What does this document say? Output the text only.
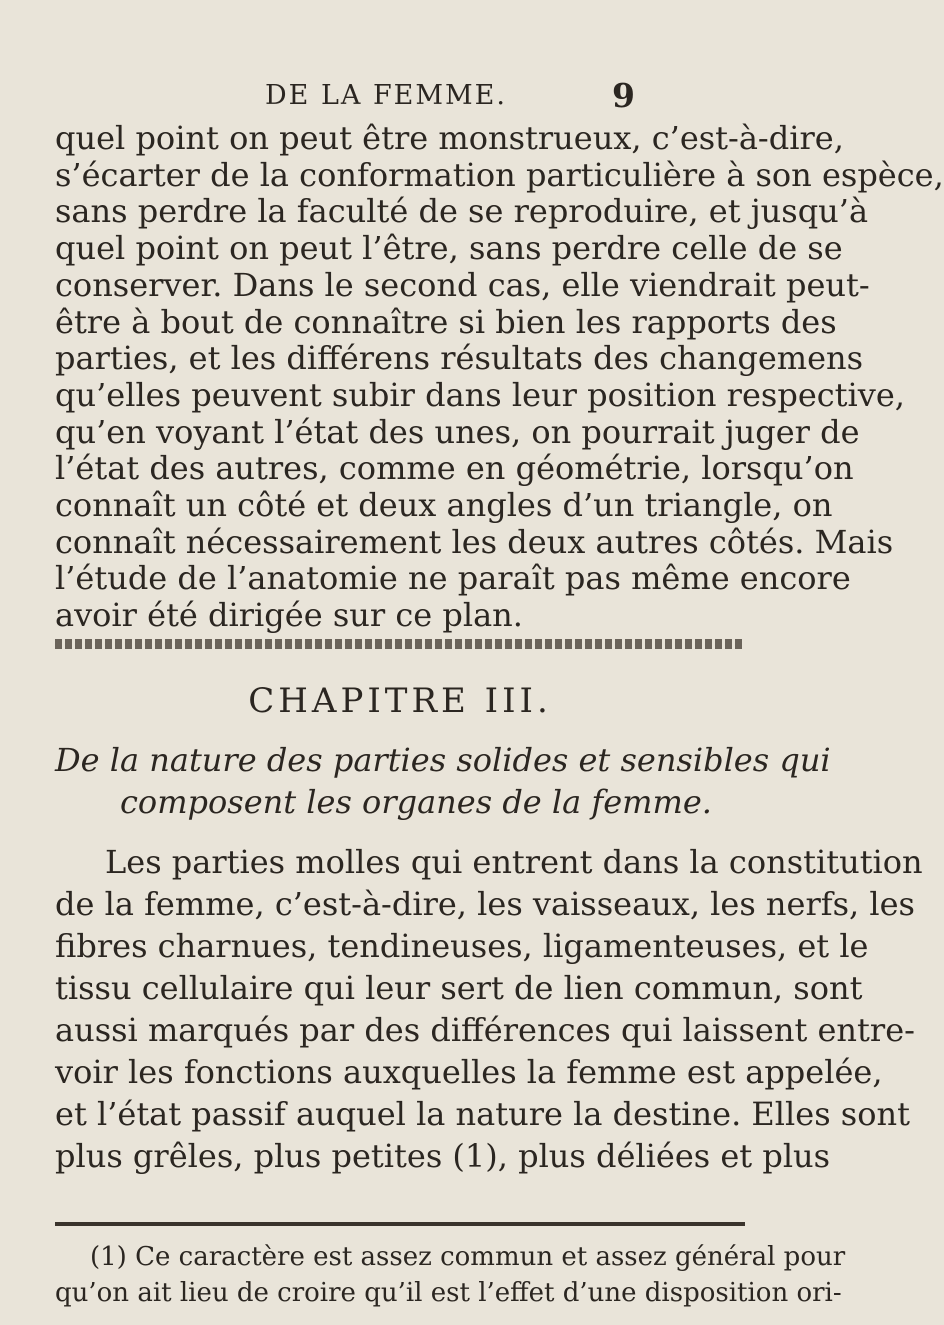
DE LA FEMME.	9
quel point on peut être monstrueux, c’est-à-dire,
s’écarter de la conformation particulière à son espèce,
sans perdre la faculté de se reproduire, et jusqu’à
quel point on peut l’être, sans perdre celle de se
conserver. Dans le second cas, elle viendrait peut-
être à bout de connaître si bien les rapports des
parties, et les différens résultats des changemens
qu’elles peuvent subir dans leur position respective,
qu’en voyant l’état des unes, on pourrait juger de
l’état des autres, comme en géométrie, lorsqu’on
connaît un côté et deux angles d’un triangle, on
connaît nécessairement les deux autres côtés. Mais
l’étude de l’anatomie ne paraît pas même encore
avoir été dirigée sur ce plan.
CHAPITRE III.
De la nature des parties solides et sensibles qui
composent les organes de la femme.
Les parties molles qui entrent dans la constitution
de la femme, c’est-à-dire, les vaisseaux, les nerfs, les
fibres charnues, tendineuses, ligamenteuses, et le
tissu cellulaire qui leur sert de lien commun, sont
aussi marqués par des différences qui laissent entre-
voir les fonctions auxquelles la femme est appelée,
et l’état passif auquel la nature la destine. Elles sont
plus grêles, plus petites (1), plus déliées et plus
(1) Ce caractère est assez commun et assez général pour
qu’on ait lieu de croire qu’il est l’effet d’une disposition ori-
